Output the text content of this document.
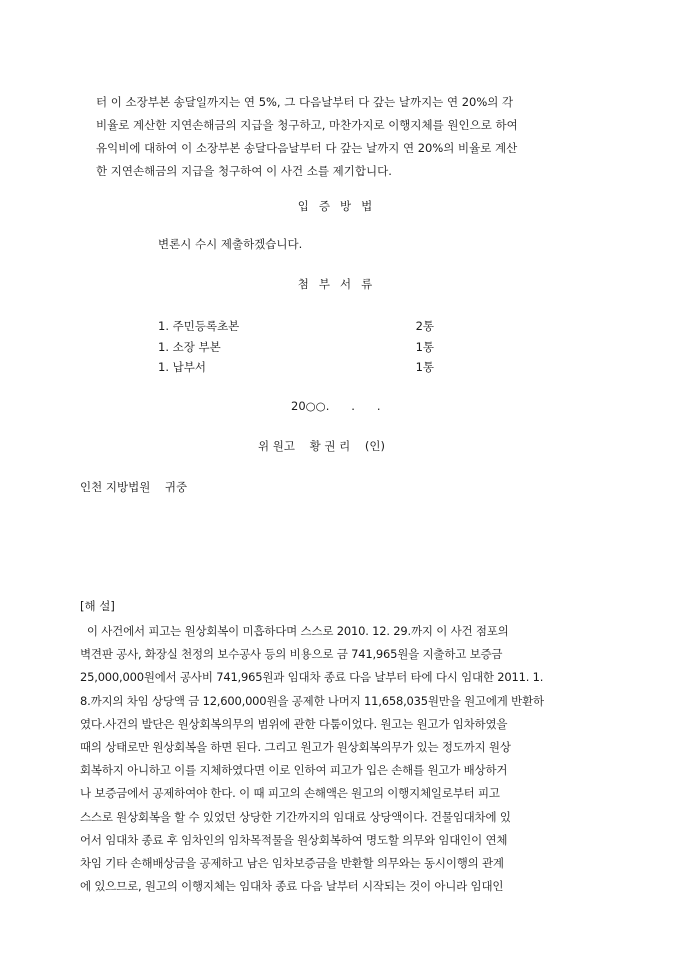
터 이 소장부본 송달일까지는 연 5%, 그 다음날부터 다 갚는 날까지는 연 20%의 각
비율로 계산한 지연손해금의 지급을 청구하고, 마찬가지로 이행지체를 원인으로 하여
유익비에 대하여 이 소장부본 송달다음날부터 다 갚는 날까지 연 20%의 비율로 계산
한 지연손해금의 지급을 청구하여 이 사건 소를 제기합니다.
입증방법
변론시 수시 제출하겠습니다.
첨부서류
1. 주민등록초본	2통
1. 소장 부본	1통
1. 납부서	1통
20○○.      .      .
위 원고    황 권 리    (인)
인천 지방법원    귀중
[해 설]
이 사건에서 피고는 원상회복이 미흡하다며 스스로 2010. 12. 29.까지 이 사건 점포의
벽견판 공사, 화장실 천정의 보수공사 등의 비용으로 금 741,965원을 지출하고 보증금
25,000,000원에서 공사비 741,965원과 임대차 종료 다음 날부터 타에 다시 임대한 2011. 1.
8.까지의 차임 상당액 금 12,600,000원을 공제한 나머지 11,658,035원만을 원고에게 반환하
였다.사건의 발단은 원상회복의무의 범위에 관한 다툼이었다. 원고는 원고가 임차하였을
때의 상태로만 원상회복을 하면 된다. 그리고 원고가 원상회복의무가 있는 정도까지 원상
회복하지 아니하고 이를 지체하였다면 이로 인하여 피고가 입은 손해를 원고가 배상하거
나 보증금에서 공제하여야 한다. 이 때 피고의 손해액은 원고의 이행지체일로부터 피고
스스로 원상회복을 할 수 있었던 상당한 기간까지의 임대료 상당액이다. 건물임대차에 있
어서 임대차 종료 후 임차인의 임차목적물을 원상회복하여 명도할 의무와 임대인이 연체
차임 기타 손해배상금을 공제하고 남은 임차보증금을 반환할 의무와는 동시이행의 관계
에 있으므로, 원고의 이행지체는 임대차 종료 다음 날부터 시작되는 것이 아니라 임대인
